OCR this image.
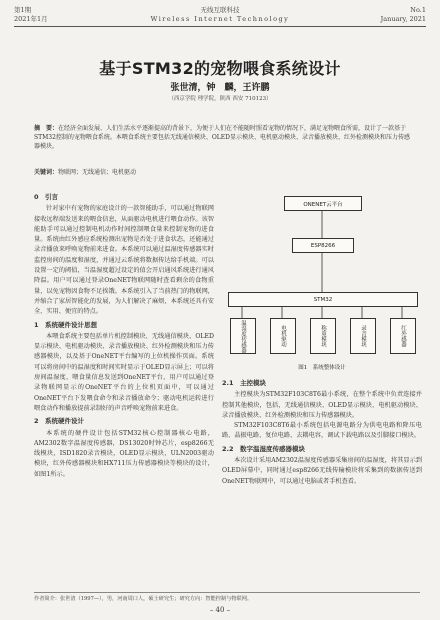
第1期
2021年1月
无线互联科技
Wireless Internet Technology
No.1
January, 2021
基于STM32的宠物喂食系统设计
张世清，钟　麟，王许鹏
（西京学院 理学院，陕西 西安 710123）
摘　要：在经济全面发展、人们生活水平逐渐提高的背景下，为便于人们在不能随时照看宠物的情况下，满足宠物喂食所需，设计了一款基于STM32控制的宠物喂食系统。本喂食系统主要包括无线通信模块、OLED显示模块、电机驱动模块、录音播放模块、红外检测模块和压力传感器模块。
关键词：物联网；无线通信；电机驱动
0　引言

针对家中有宠物的家庭设计的一款智能助手，可以通过物联网接收远程端发送来的喂食信息，从面驱动电机进行喂食动作。该智能助手可以通过控制电机动作时间控制喂食量来控制宠物的进食量。系统由红外感应系统检测出宠物是否处于进食状态，还能通过录音播放来呼唤宠物前来进食。本系统可以通过温湿度传感器实时监控房间的温度和湿度，并通过云系统将数据传达给手机端。可以设置一定的阈值，当温湿度超过设定的值会开启通风系统进行通风降温。用户可以通过登录OneNET物联网随时查看剩余的食物重量，以免宠物因食物不足挨饿。本系统引入了当前热门的物联网，并缩合了家居智能化的发展，为人们解决了麻烦，本系统还具有安全、实用、便宜的特点。

1　系统硬件设计思想

本喂食系统主要包括单片机控制模块、无线通信模块、OLED显示模块、电机驱动模块、录音播放模块、红外检测模块和压力传感器模块，以及基于OneNET平台编写的上位机操作页面。系统可以将房间中的温湿度和时间实时显示于OLED显示屏上；可以将房间温湿度、喂食量信息发送到OneNET平台，用户可以通过登录物联网显示的OneNET平台的上位机页面中，可以通过OneNET平台下发喂食命令和录音播放命令；驱动电机运转进行喂食动作和播放提前录制好的声音呼唤宠物前来进食。

2　系统硬件设计

本系统的硬件设计包括STM32核心控制器核心电路，AM2302数字温湿度传感器，DS13020时钟芯片，esp8266无线模块，ISD1820录音模块，OLED显示模块，ULN2003驱动模块，红外传感器模块和HX711压力传感器模块等模块的设计，如图1所示。

ONENET云平台
ESP8266
STM32
温湿度传感器	电机驱动	称重模块	录音模块	红外感器
图1　系统整体设计
2.1　主控模块

主控模块为STM32F103C8T6最小系统，在整个系统中负责连接并控制其他模块，包括，无线通信模块、OLED显示模块、电机驱动模块、录音播放模块、红外检测模块和压力传感器模块。

STM32F103C8T6最小系统包括电源电路分为供电电路和降压电路、晶振电路、复位电路、去耦电容，调试下载电路以及引脚接口模块。

2.2　数字温湿度传感器模块

本次设计采用AM2302温湿度传感器采集房间的温湿度，将其显示到OLED屏幕中，同时通过esp8266无线传输模块将采集到的数据传送到OneNET物联网中，可以通过电脑或者手机查看。

作者简介：张世清（1997—），男，河南周口人，硕士研究生；研究方向：智能控制与物联网。
– 40 –
